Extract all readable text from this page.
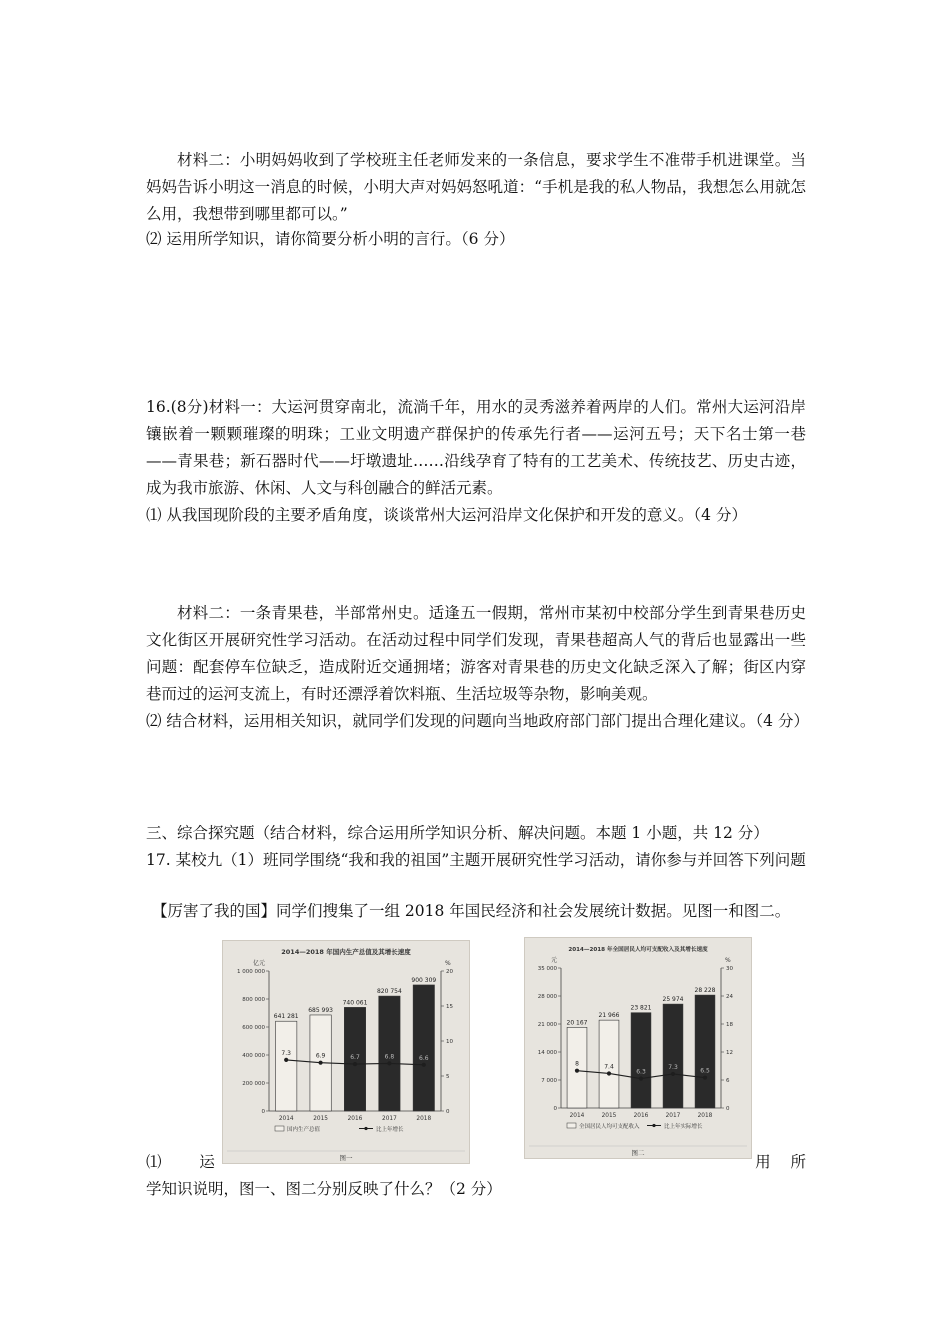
材料二：小明妈妈收到了学校班主任老师发来的一条信息，要求学生不准带手机进课堂。当妈妈告诉小明这一消息的时候，小明大声对妈妈怒吼道：“手机是我的私人物品，我想怎么用就怎么用，我想带到哪里都可以。”

⑵ 运用所学知识，请你简要分析小明的言行。（6 分）

16.(8分)材料一：大运河贯穿南北，流淌千年，用水的灵秀滋养着两岸的人们。常州大运河沿岸镶嵌着一颗颗璀璨的明珠；工业文明遗产群保护的传承先行者——运河五号；天下名士第一巷——青果巷；新石器时代——圩墩遗址……沿线孕育了特有的工艺美术、传统技艺、历史古迹，成为我市旅游、休闲、人文与科创融合的鲜活元素。

⑴ 从我国现阶段的主要矛盾角度，谈谈常州大运河沿岸文化保护和开发的意义。（4 分）

材料二：一条青果巷，半部常州史。适逢五一假期，常州市某初中校部分学生到青果巷历史文化街区开展研究性学习活动。在活动过程中同学们发现，青果巷超高人气的背后也显露出一些问题：配套停车位缺乏，造成附近交通拥堵；游客对青果巷的历史文化缺乏深入了解；街区内穿巷而过的运河支流上，有时还漂浮着饮料瓶、生活垃圾等杂物，影响美观。

⑵ 结合材料，运用相关知识，就同学们发现的问题向当地政府部门部门提出合理化建议。（4 分）

三、综合探究题（结合材料，综合运用所学知识分析、解决问题。本题 1 小题，共 12 分）

17. 某校九（1）班同学围绕“我和我的祖国”主题开展研究性学习活动，请你参与并回答下列问题

【厉害了我的国】同学们搜集了一组 2018 年国民经济和社会发展统计数据。见图一和图二。

⑴ 运	用 所

学知识说明，图一、图二分别反映了什么？（2 分）

2014—2018 年国内生产总值及其增长速度
亿元	%
0
200 000
400 000
600 000
800 000
1 000 000
0
5
10
15
20
641 281
2014
685 993
2015
740 061
2016
820 754
2017
900 309
2018
7.3	6.9	6.7	6.8	6.6
国内生产总值	比上年增长
图一
2014—2018 年全国居民人均可支配收入及其增长速度
元	%
0
7 000
14 000
21 000
28 000
35 000
0
6
12
18
24
30
20 167
2014
21 966
2015
23 821
2016
25 974
2017
28 228
2018
8	7.4
6.3
7.3
6.5
全国居民人均可支配收入	比上年实际增长
图二
